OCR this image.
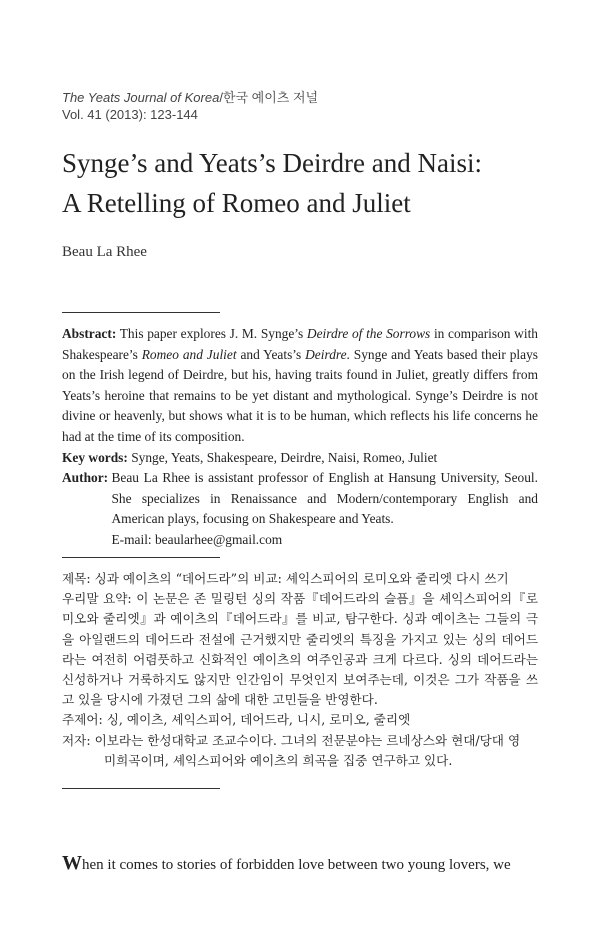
The Yeats Journal of Korea/한국 예이츠 저널
Vol. 41 (2013): 123-144
Synge’s and Yeats’s Deirdre and Naisi:
A Retelling of Romeo and Juliet
Beau La Rhee

Abstract: This paper explores J. M. Synge’s Deirdre of the Sorrows in comparison with Shakespeare’s Romeo and Juliet and Yeats’s Deirdre. Synge and Yeats based their plays on the Irish legend of Deirdre, but his, having traits found in Juliet, greatly differs from Yeats’s heroine that remains to be yet distant and mythological. Synge’s Deirdre is not divine or heavenly, but shows what it is to be human, which reflects his life concerns he had at the time of its composition.

Key words: Synge, Yeats, Shakespeare, Deirdre, Naisi, Romeo, Juliet

Author: Beau La Rhee is assistant professor of English at Hansung University, Seoul. She specializes in Renaissance and Modern/contemporary English and American plays, focusing on Shakespeare and Yeats.
E-mail: beaularhee@gmail.com

제목: 싱과 예이츠의 “데어드라”의 비교: 셰익스피어의 로미오와 줄리엣 다시 쓰기

우리말 요약: 이 논문은 존 밀링턴 싱의 작품『데어드라의 슬픔』을 셰익스피어의『로미오와 줄리엣』과 예이츠의『데어드라』를 비교, 탐구한다. 싱과 예이츠는 그들의 극을 아일랜드의 데어드라 전설에 근거했지만 줄리엣의 특징을 가지고 있는 싱의 데어드라는 여전히 어렴풋하고 신화적인 예이츠의 여주인공과 크게 다르다. 싱의 데어드라는 신성하거나 거룩하지도 않지만 인간임이 무엇인지 보여주는데, 이것은 그가 작품을 쓰고 있을 당시에 가졌던 그의 삶에 대한 고민들을 반영한다.

주제어: 싱, 예이츠, 셰익스피어, 데어드라, 니시, 로미오, 줄리엣

저자: 이보라는 한성대학교 조교수이다. 그녀의 전문분야는 르네상스와 현대/당대 영

미희곡이며, 셰익스피어와 예이츠의 희곡을 집중 연구하고 있다.

When it comes to stories of forbidden love between two young lovers, we
